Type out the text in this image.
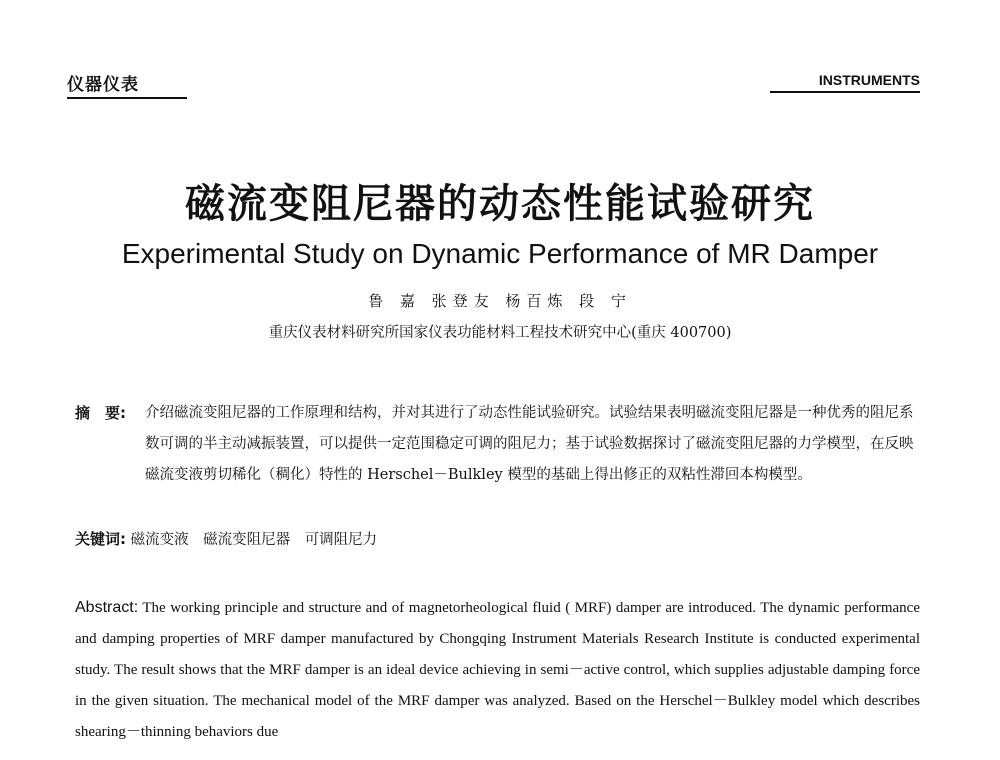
仪器仪表	INSTRUMENTS
磁流变阻尼器的动态性能试验研究
Experimental Study on Dynamic Performance of MR Damper
鲁 嘉 张登友 杨百炼 段 宁
重庆仪表材料研究所国家仪表功能材料工程技术研究中心(重庆 400700)
摘　要: 介绍磁流变阻尼器的工作原理和结构，并对其进行了动态性能试验研究。试验结果表明磁流变阻尼器是一种优秀的阻尼系数可调的半主动减振装置，可以提供一定范围稳定可调的阻尼力；基于试验数据探讨了磁流变阻尼器的力学模型，在反映磁流变液剪切稀化（稠化）特性的 Herschel－Bulkley 模型的基础上得出修正的双粘性滞回本构模型。
关键词: 磁流变液　磁流变阻尼器　可调阻尼力
Abstract: The working principle and structure and of magnetorheological fluid ( MRF) damper are introduced. The dynamic performance and damping properties of MRF damper manufactured by Chongqing Instrument Materials Research Institute is conducted experimental study. The result shows that the MRF damper is an ideal device achieving in semi－active control, which supplies adjustable damping force in the given situation. The mechanical model of the MRF damper was analyzed. Based on the Herschel－Bulkley model which describes shearing－thinning behaviors due
